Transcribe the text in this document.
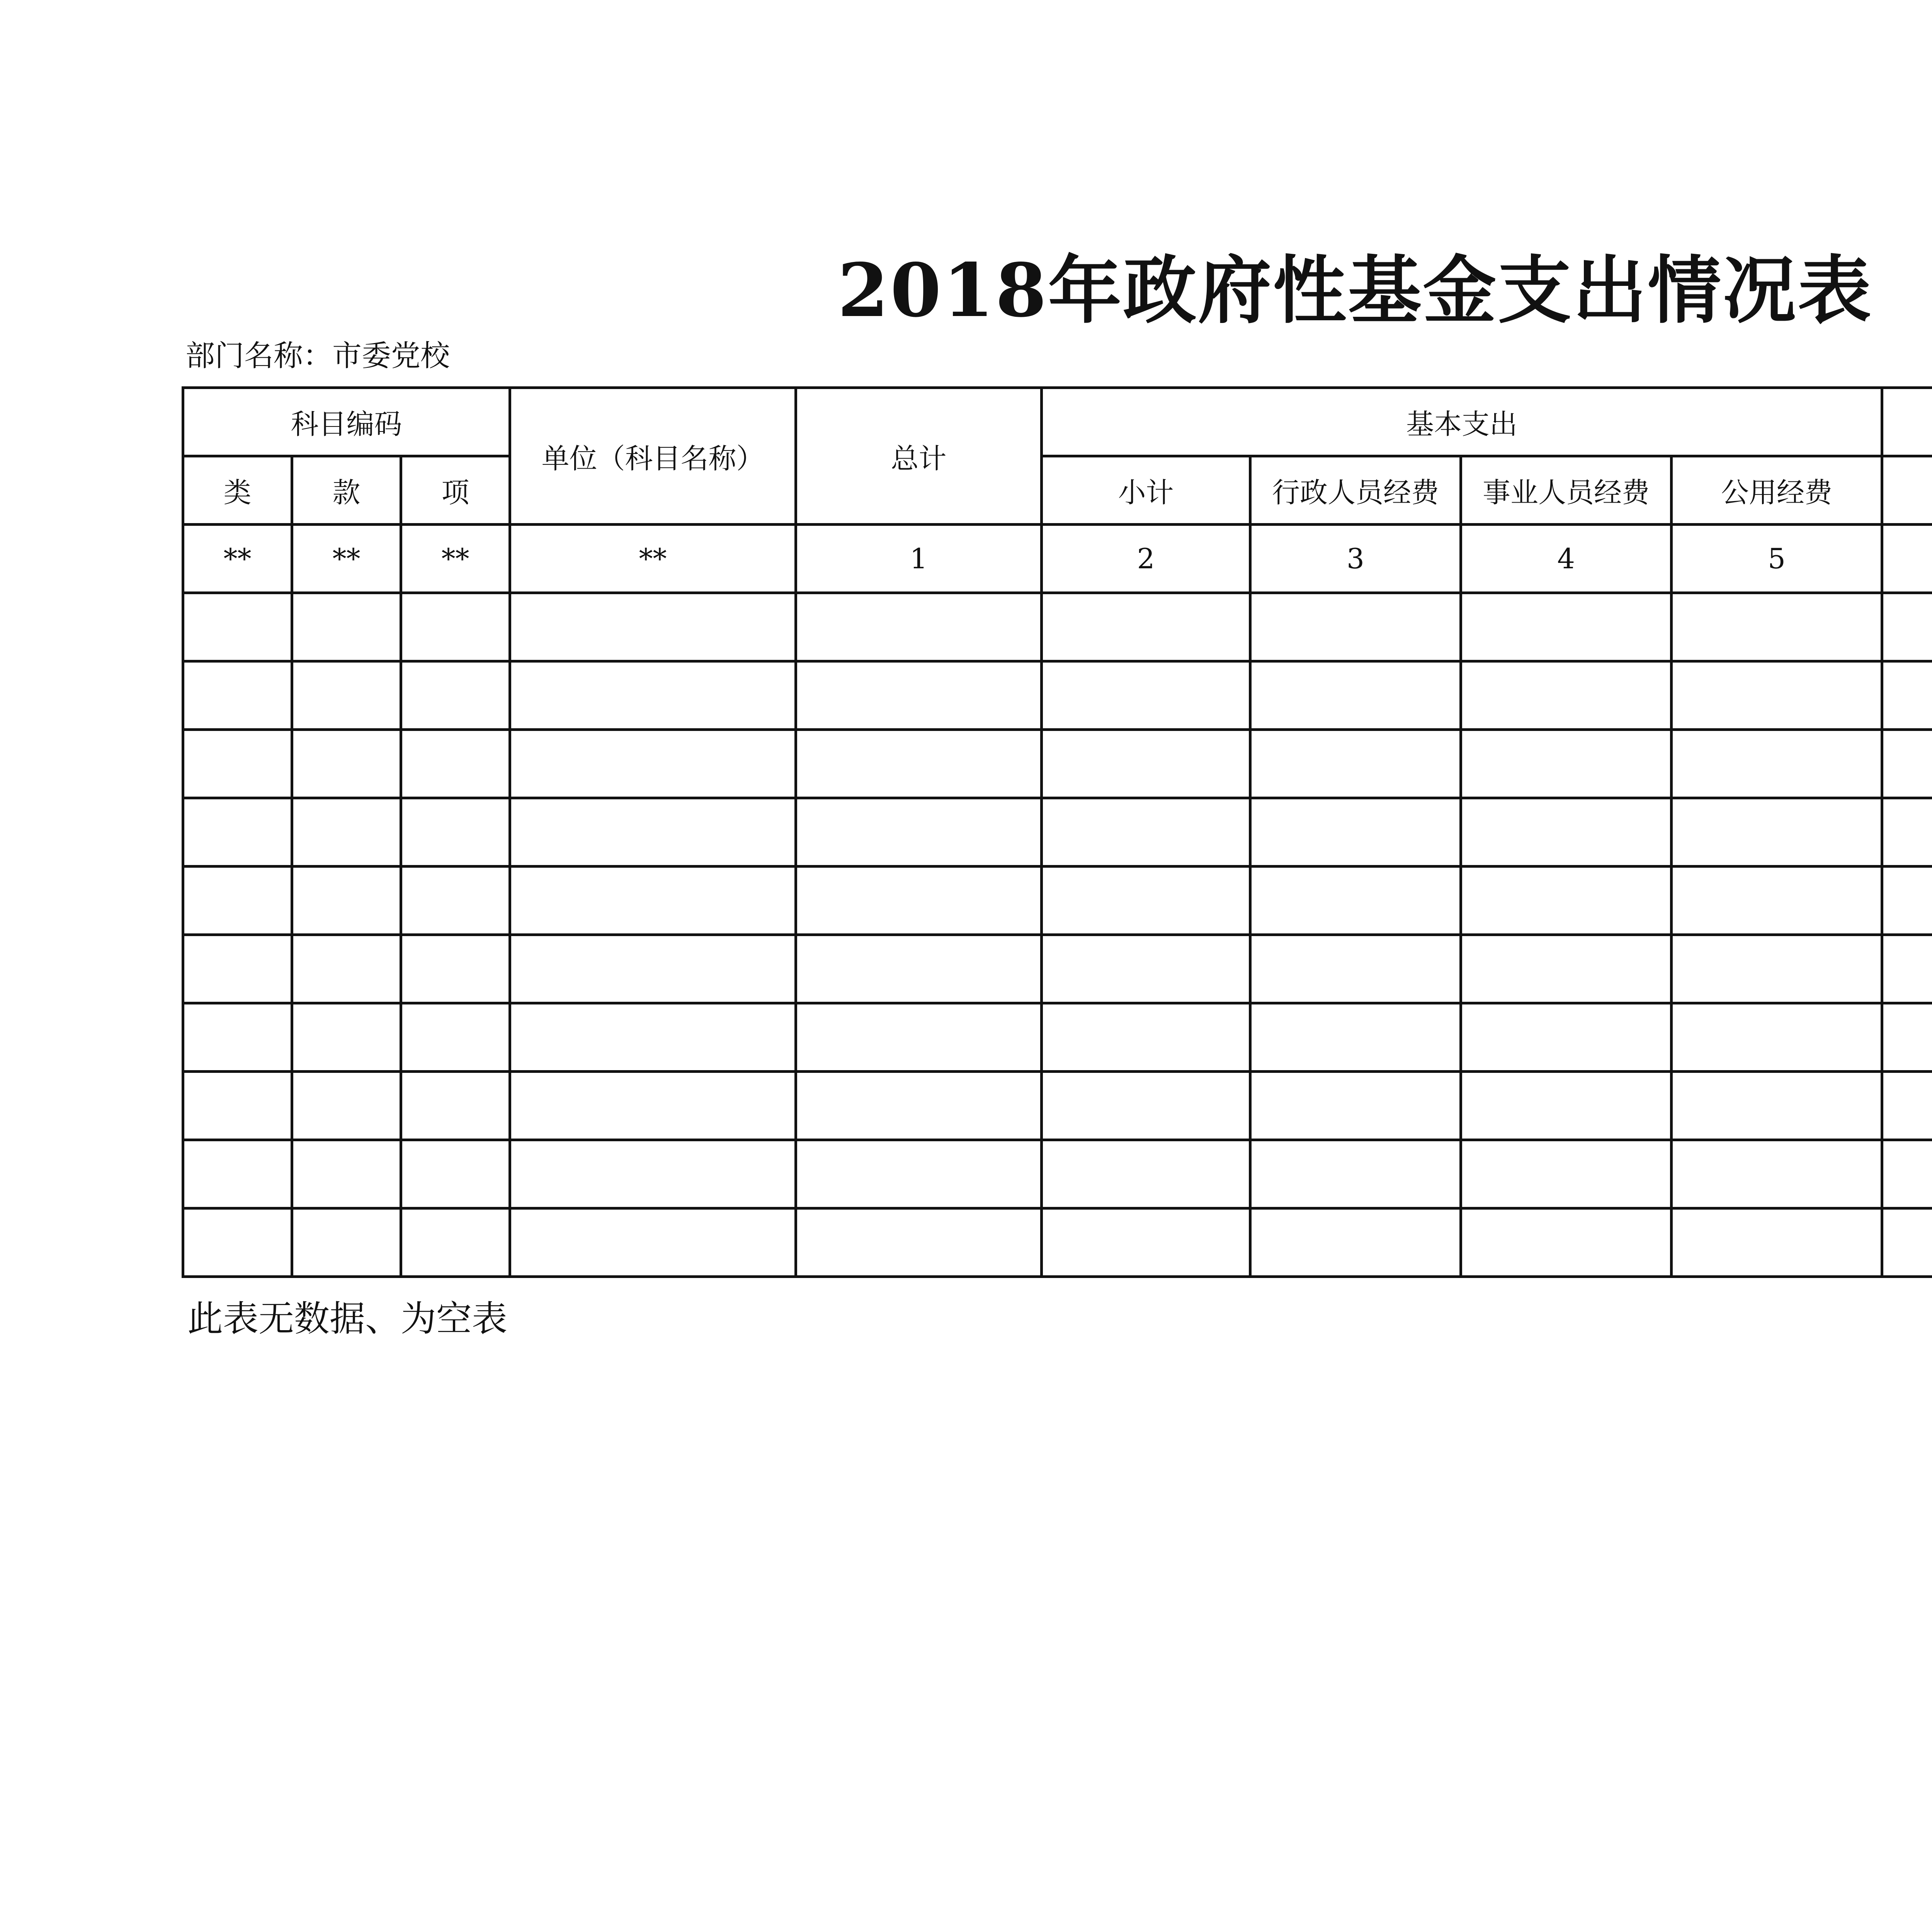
2018年政府性基金支出情况表
部门名称：市委党校
科目编码			单位（科目名称）	总计	基本支出	
类	款	项			小计	行政人员经费	事业人员经费	公用经费			
**	**	**	**	1	2	3	4	5			

此表无数据、为空表
